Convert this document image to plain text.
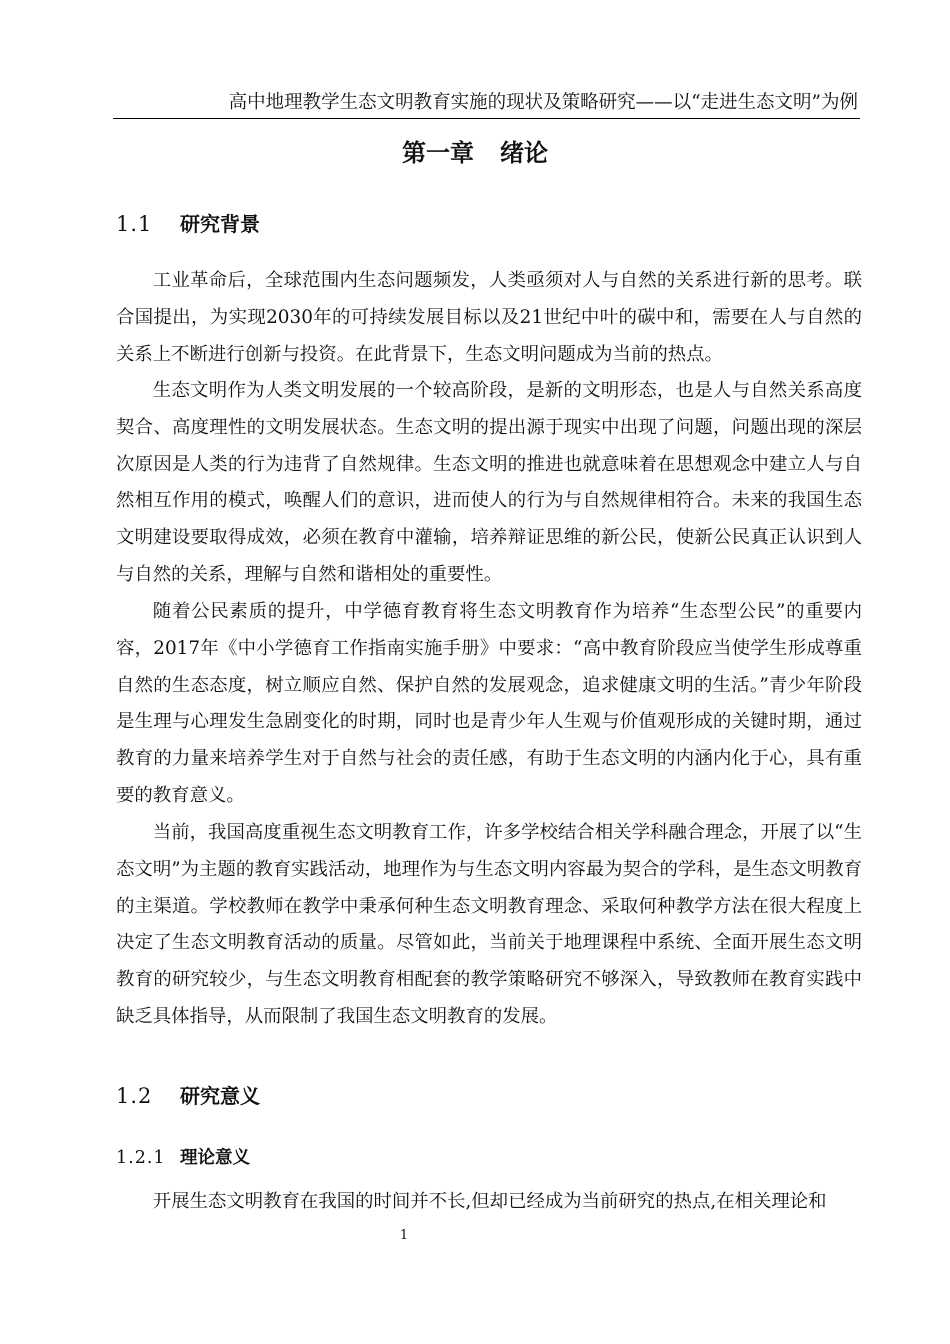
高中地理教学生态文明教育实施的现状及策略研究——以“走进生态文明”为例
第一章 绪论
1.1 研究背景

工业革命后，全球范围内生态问题频发，人类亟须对人与自然的关系进行新的思考。联合国提出，为实现2030年的可持续发展目标以及21世纪中叶的碳中和，需要在人与自然的关系上不断进行创新与投资。在此背景下，生态文明问题成为当前的热点。

生态文明作为人类文明发展的一个较高阶段，是新的文明形态，也是人与自然关系高度契合、高度理性的文明发展状态。生态文明的提出源于现实中出现了问题，问题出现的深层次原因是人类的行为违背了自然规律。生态文明的推进也就意味着在思想观念中建立人与自然相互作用的模式，唤醒人们的意识，进而使人的行为与自然规律相符合。未来的我国生态文明建设要取得成效，必须在教育中灌输，培养辩证思维的新公民，使新公民真正认识到人与自然的关系，理解与自然和谐相处的重要性。

随着公民素质的提升，中学德育教育将生态文明教育作为培养“生态型公民”的重要内容，2017年《中小学德育工作指南实施手册》中要求：“高中教育阶段应当使学生形成尊重自然的生态态度，树立顺应自然、保护自然的发展观念，追求健康文明的生活。”青少年阶段是生理与心理发生急剧变化的时期，同时也是青少年人生观与价值观形成的关键时期，通过教育的力量来培养学生对于自然与社会的责任感，有助于生态文明的内涵内化于心，具有重要的教育意义。

当前，我国高度重视生态文明教育工作，许多学校结合相关学科融合理念，开展了以“生态文明”为主题的教育实践活动，地理作为与生态文明内容最为契合的学科，是生态文明教育的主渠道。学校教师在教学中秉承何种生态文明教育理念、采取何种教学方法在很大程度上决定了生态文明教育活动的质量。尽管如此，当前关于地理课程中系统、全面开展生态文明教育的研究较少，与生态文明教育相配套的教学策略研究不够深入，导致教师在教育实践中缺乏具体指导，从而限制了我国生态文明教育的发展。

1.2 研究意义
1.2.1 理论意义

开展生态文明教育在我国的时间并不长,但却已经成为当前研究的热点,在相关理论和

1
